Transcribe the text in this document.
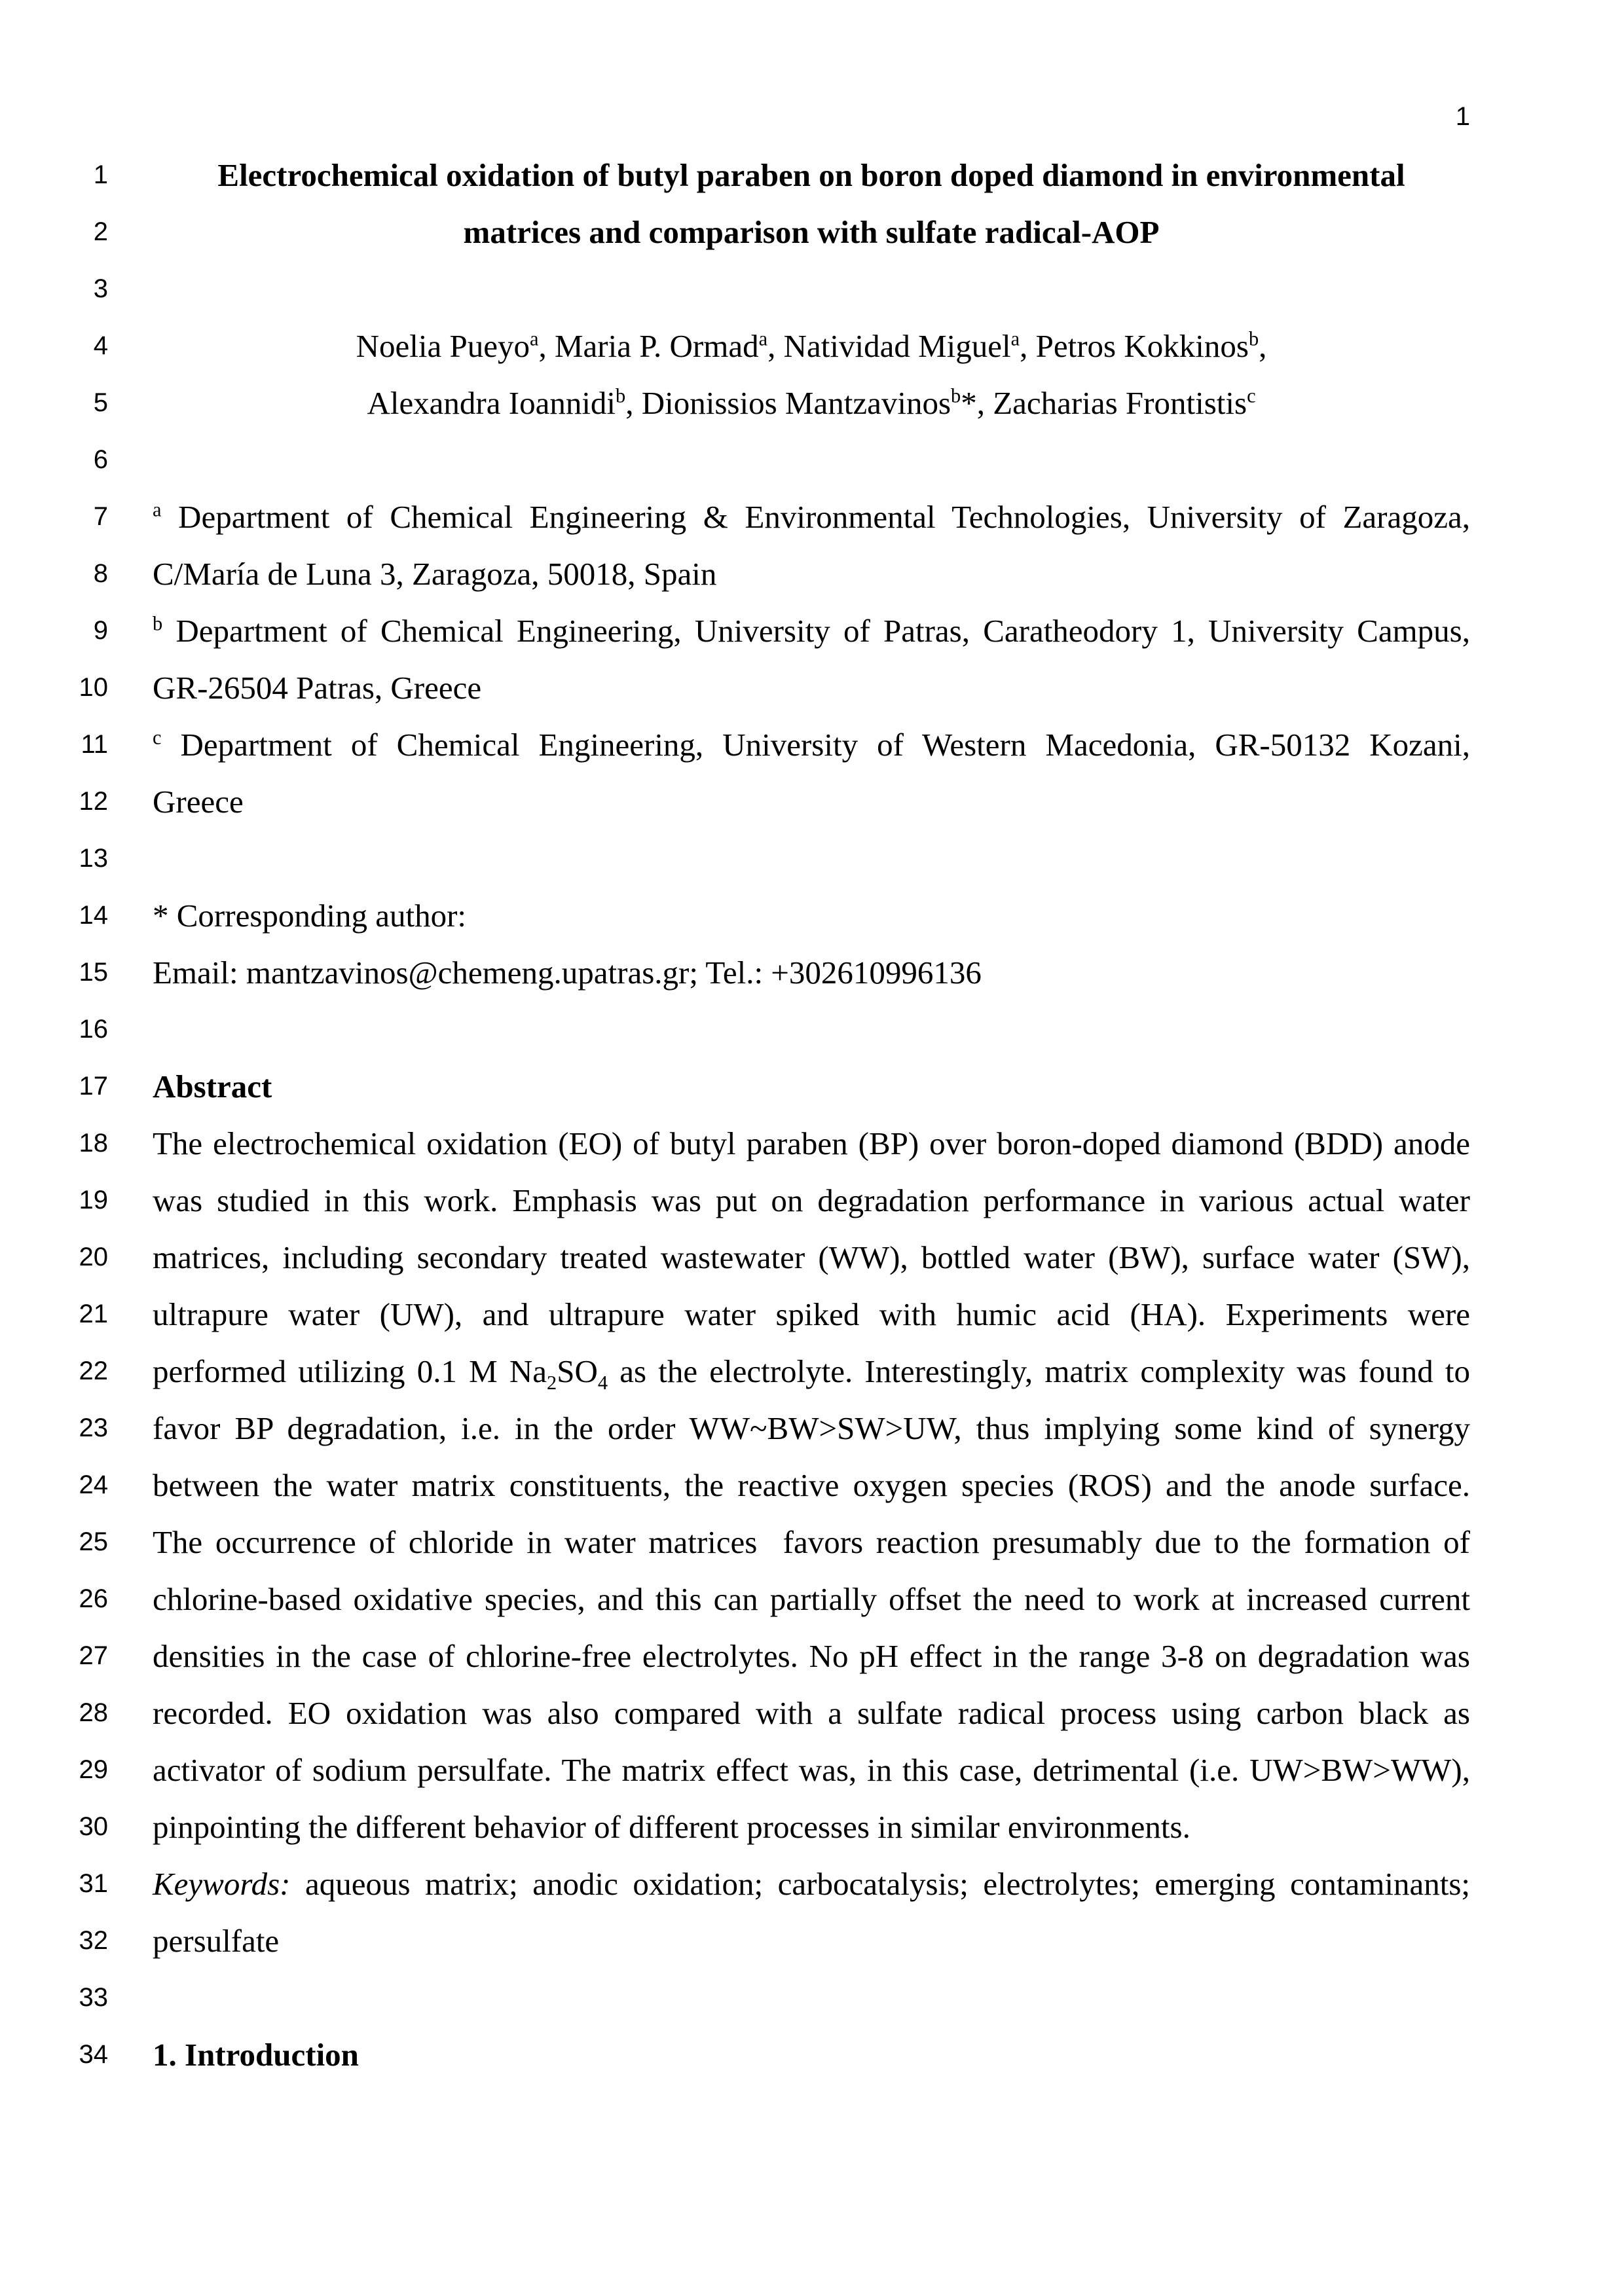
1
1	Electrochemical oxidation of butyl paraben on boron doped diamond in environmental
2	matrices and comparison with sulfate radical-AOP
3
4	Noelia Pueyo$^a$, Maria P. Ormad$^a$, Natividad Miguel$^a$, Petros Kokkinos$^b$,
5	Alexandra Ioannidi$^b$, Dionissios Mantzavinos$^b$*, Zacharias Frontistis$^c$
6
7 $^a$ Department of Chemical Engineering & Environmental Technologies, University of Zaragoza,
8 C/María de Luna 3, Zaragoza, 50018, Spain
9 $^b$ Department of Chemical Engineering, University of Patras, Caratheodory 1, University Campus,
10 GR-26504 Patras, Greece
11 $^c$ Department of Chemical Engineering, University of Western Macedonia, GR-50132 Kozani,
12 Greece
13
14 * Corresponding author:
15 Email: mantzavinos@chemeng.upatras.gr; Tel.: +302610996136
16
17 Abstract
18 The electrochemical oxidation (EO) of butyl paraben (BP) over boron-doped diamond (BDD) anode
19 was studied in this work. Emphasis was put on degradation performance in various actual water
20 matrices, including secondary treated wastewater (WW), bottled water (BW), surface water (SW),
21 ultrapure water (UW), and ultrapure water spiked with humic acid (HA). Experiments were
22 performed utilizing 0.1 M $Na_2SO_4$ as the electrolyte. Interestingly, matrix complexity was found to
23 favor BP degradation, i.e. in the order WW~BW>SW>UW, thus implying some kind of synergy
24 between the water matrix constituents, the reactive oxygen species (ROS) and the anode surface.
25 The occurrence of chloride in water matrices  favors reaction presumably due to the formation of
26 chlorine-based oxidative species, and this can partially offset the need to work at increased current
27 densities in the case of chlorine-free electrolytes. No pH effect in the range 3-8 on degradation was
28 recorded. EO oxidation was also compared with a sulfate radical process using carbon black as
29 activator of sodium persulfate. The matrix effect was, in this case, detrimental (i.e. UW>BW>WW),
30 pinpointing the different behavior of different processes in similar environments.
31 Keywords: aqueous matrix; anodic oxidation; carbocatalysis; electrolytes; emerging contaminants;
32 persulfate
33
34 1. Introduction
